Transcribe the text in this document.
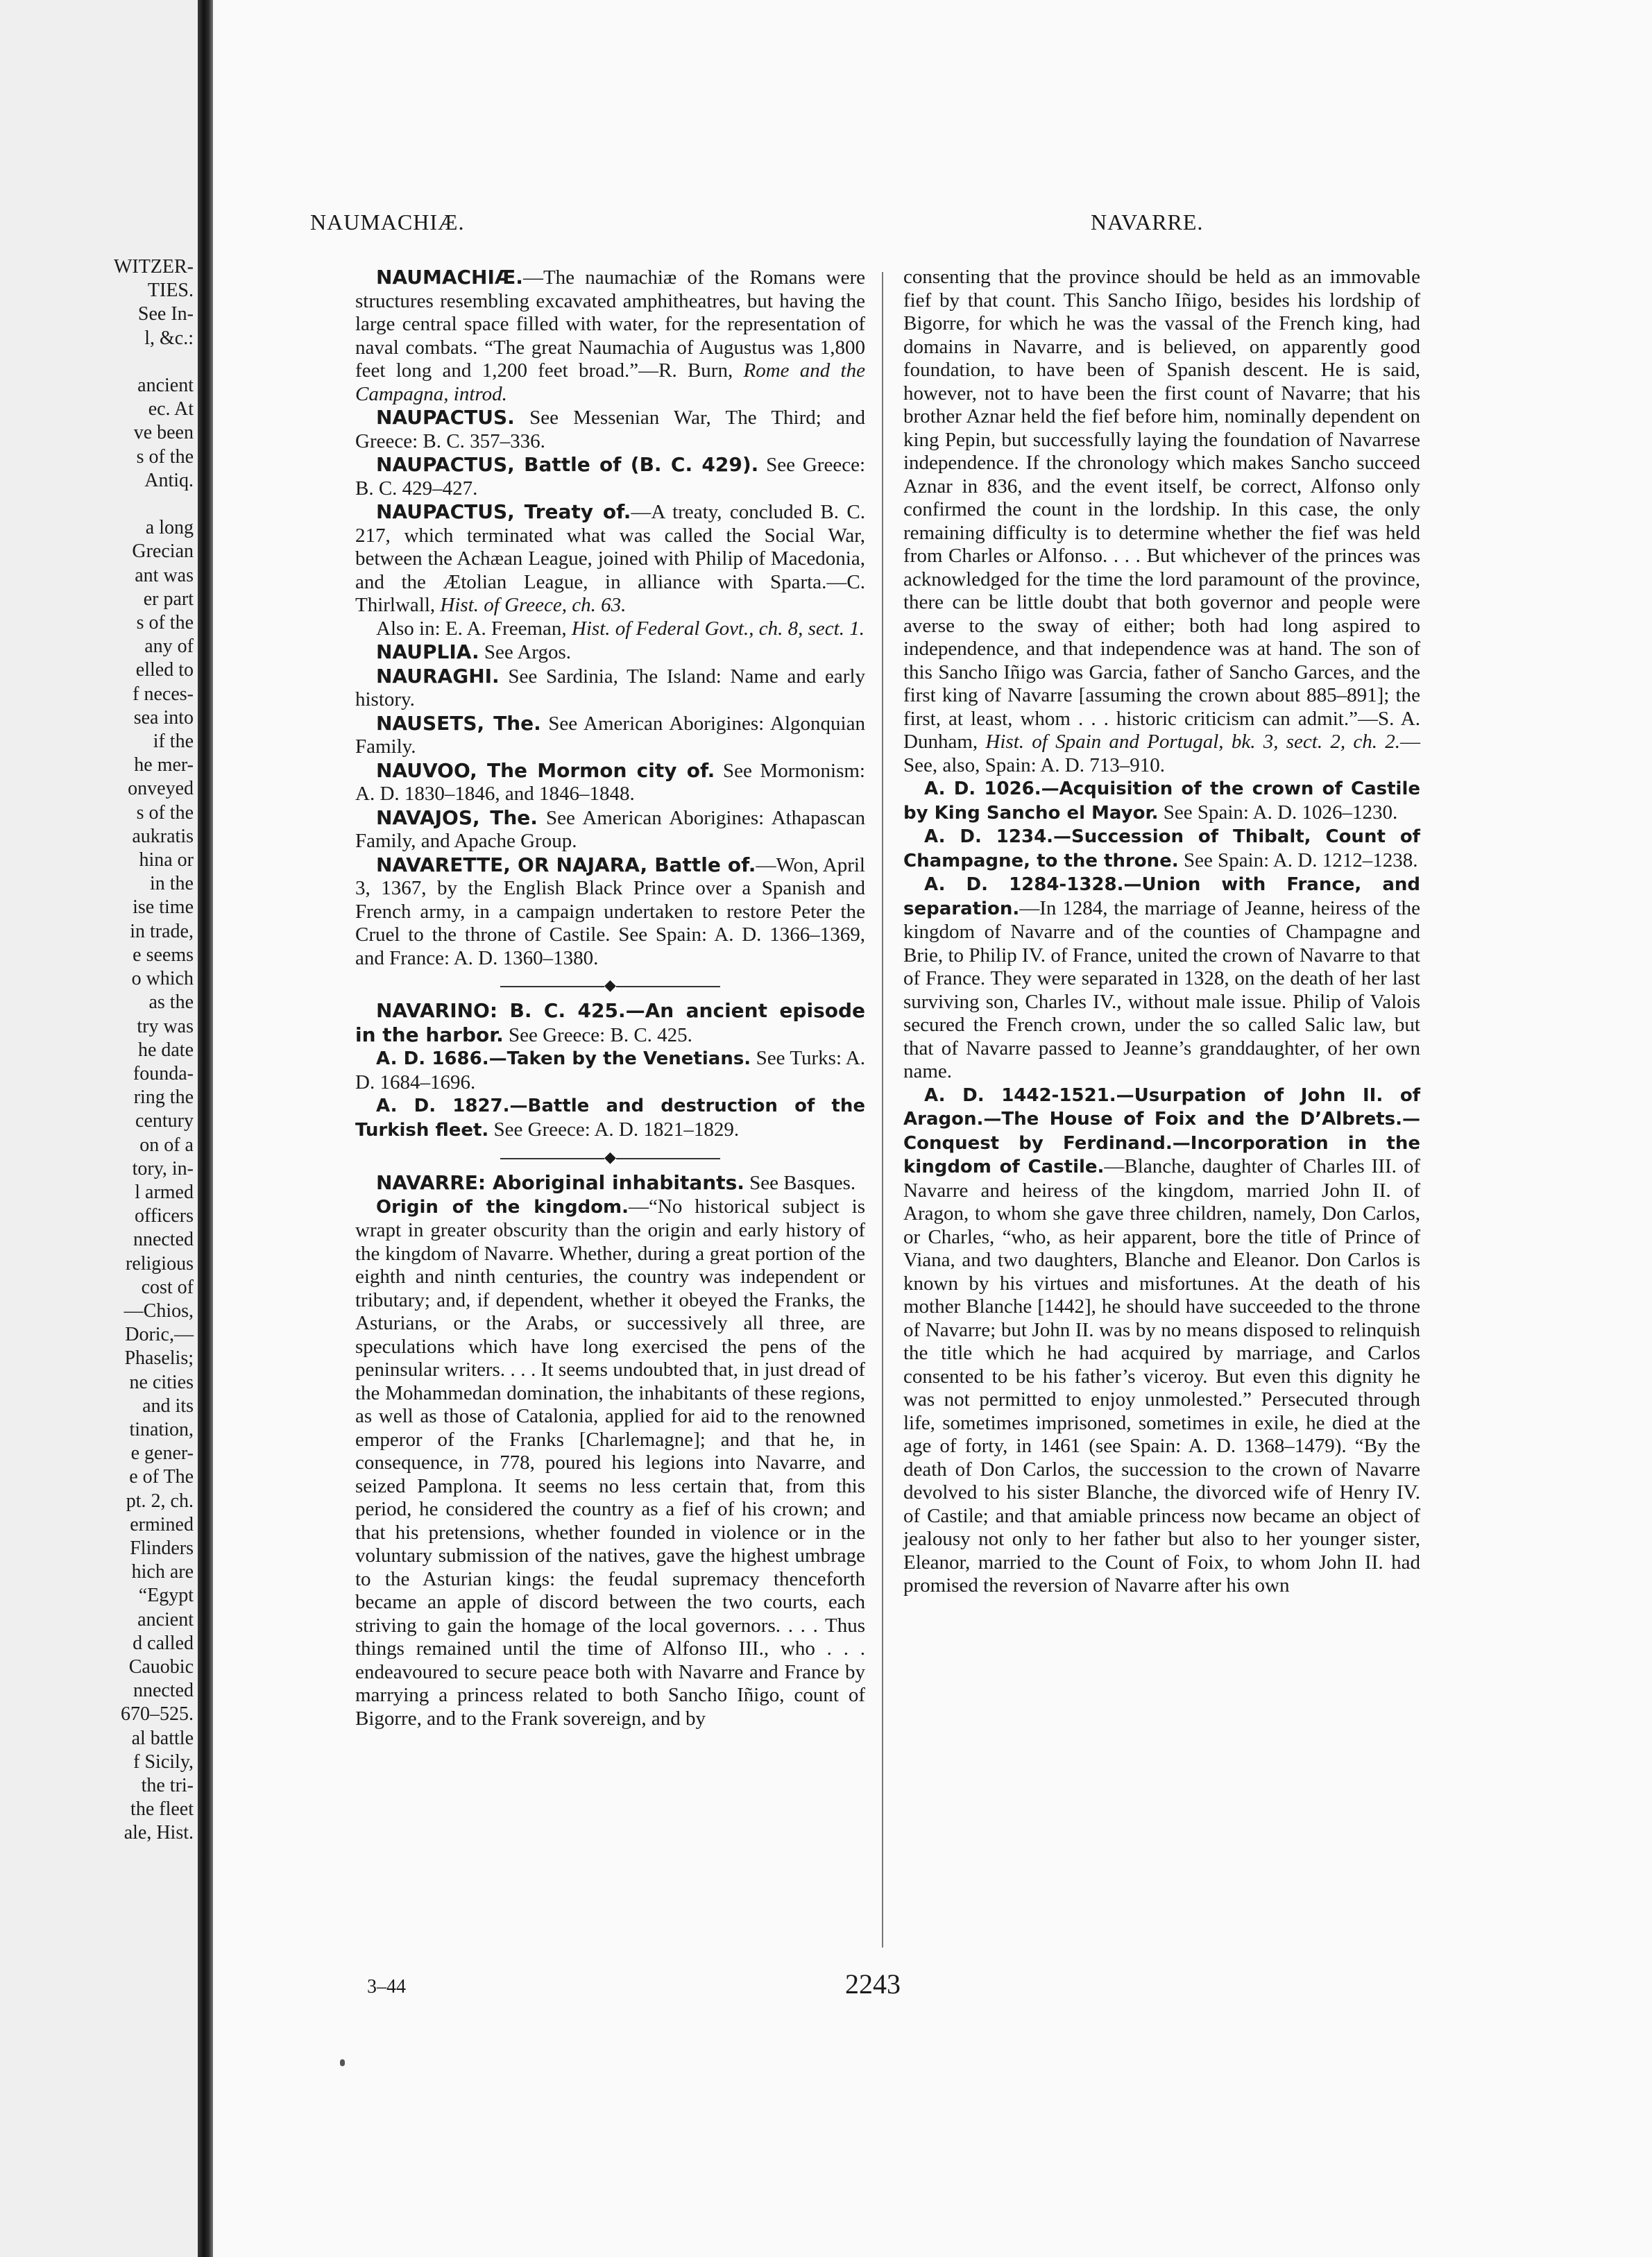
WITZER-
TIES.
See In-
l, &c.:

ancient
ec. At
ve been
s of the
Antiq.

a long
Grecian
ant was
er part
s of the
any of
elled to
f neces-
sea into
if the
he mer-
onveyed
s of the
aukratis
hina or
in the
ise time
in trade,
e seems
o which
as the
try was
he date
founda-
ring the
century
on of a
tory, in-
l armed
officers
nnected
religious
cost of
—Chios,
Doric,—
Phaselis;
ne cities
and its
tination,
e gener-
e of The
pt. 2, ch.
ermined
Flinders
hich are
“Egypt
ancient
d called
Cauobic
nnected
670–525.
al battle
f Sicily,
the tri-
the fleet
ale, Hist.
NAUMACHIÆ.	NAVARRE.

NAUMACHIÆ.—The naumachiæ of the Romans were structures resembling excavated amphitheatres, but having the large central space filled with water, for the representation of naval combats. “The great Naumachia of Augustus was 1,800 feet long and 1,200 feet broad.”—R. Burn, Rome and the Campagna, introd.

NAUPACTUS. See Messenian War, The Third; and Greece: B. C. 357–336.

NAUPACTUS, Battle of (B. C. 429). See Greece: B. C. 429–427.

NAUPACTUS, Treaty of.—A treaty, concluded B. C. 217, which terminated what was called the Social War, between the Achæan League, joined with Philip of Macedonia, and the Ætolian League, in alliance with Sparta.—C. Thirlwall, Hist. of Greece, ch. 63.

Also in: E. A. Freeman, Hist. of Federal Govt., ch. 8, sect. 1.

NAUPLIA. See Argos.

NAURAGHI. See Sardinia, The Island: Name and early history.

NAUSETS, The. See American Aborigines: Algonquian Family.

NAUVOO, The Mormon city of. See Mormonism: A. D. 1830–1846, and 1846–1848.

NAVAJOS, The. See American Aborigines: Athapascan Family, and Apache Group.

NAVARETTE, OR NAJARA, Battle of.—Won, April 3, 1367, by the English Black Prince over a Spanish and French army, in a campaign undertaken to restore Peter the Cruel to the throne of Castile. See Spain: A. D. 1366–1369, and France: A. D. 1360–1380.

◆

NAVARINO: B. C. 425.—An ancient episode in the harbor. See Greece: B. C. 425.

A. D. 1686.—Taken by the Venetians. See Turks: A. D. 1684–1696.

A. D. 1827.—Battle and destruction of the Turkish fleet. See Greece: A. D. 1821–1829.

◆

NAVARRE: Aboriginal inhabitants. See Basques.

Origin of the kingdom.—“No historical subject is wrapt in greater obscurity than the origin and early history of the kingdom of Navarre. Whether, during a great portion of the eighth and ninth centuries, the country was independent or tributary; and, if dependent, whether it obeyed the Franks, the Asturians, or the Arabs, or successively all three, are speculations which have long exercised the pens of the peninsular writers. . . . It seems undoubted that, in just dread of the Mohammedan domination, the inhabitants of these regions, as well as those of Catalonia, applied for aid to the renowned emperor of the Franks [Charlemagne]; and that he, in consequence, in 778, poured his legions into Navarre, and seized Pamplona. It seems no less certain that, from this period, he considered the country as a fief of his crown; and that his pretensions, whether founded in violence or in the voluntary submission of the natives, gave the highest umbrage to the Asturian kings: the feudal supremacy thenceforth became an apple of discord between the two courts, each striving to gain the homage of the local governors. . . . Thus things remained until the time of Alfonso III., who . . . endeavoured to secure peace both with Navarre and France by marrying a princess related to both Sancho Iñigo, count of Bigorre, and to the Frank sovereign, and by

consenting that the province should be held as an immovable fief by that count. This Sancho Iñigo, besides his lordship of Bigorre, for which he was the vassal of the French king, had domains in Navarre, and is believed, on apparently good foundation, to have been of Spanish descent. He is said, however, not to have been the first count of Navarre; that his brother Aznar held the fief before him, nominally dependent on king Pepin, but successfully laying the foundation of Navarrese independence. If the chronology which makes Sancho succeed Aznar in 836, and the event itself, be correct, Alfonso only confirmed the count in the lordship. In this case, the only remaining difficulty is to determine whether the fief was held from Charles or Alfonso. . . . But whichever of the princes was acknowledged for the time the lord paramount of the province, there can be little doubt that both governor and people were averse to the sway of either; both had long aspired to independence, and that independence was at hand. The son of this Sancho Iñigo was Garcia, father of Sancho Garces, and the first king of Navarre [assuming the crown about 885–891]; the first, at least, whom . . . historic criticism can admit.”—S. A. Dunham, Hist. of Spain and Portugal, bk. 3, sect. 2, ch. 2.—See, also, Spain: A. D. 713–910.

A. D. 1026.—Acquisition of the crown of Castile by King Sancho el Mayor. See Spain: A. D. 1026–1230.

A. D. 1234.—Succession of Thibalt, Count of Champagne, to the throne. See Spain: A. D. 1212–1238.

A. D. 1284-1328.—Union with France, and separation.—In 1284, the marriage of Jeanne, heiress of the kingdom of Navarre and of the counties of Champagne and Brie, to Philip IV. of France, united the crown of Navarre to that of France. They were separated in 1328, on the death of her last surviving son, Charles IV., without male issue. Philip of Valois secured the French crown, under the so called Salic law, but that of Navarre passed to Jeanne’s granddaughter, of her own name.

A. D. 1442-1521.—Usurpation of John II. of Aragon.—The House of Foix and the D’Albrets.—Conquest by Ferdinand.—Incorporation in the kingdom of Castile.—Blanche, daughter of Charles III. of Navarre and heiress of the kingdom, married John II. of Aragon, to whom she gave three children, namely, Don Carlos, or Charles, “who, as heir apparent, bore the title of Prince of Viana, and two daughters, Blanche and Eleanor. Don Carlos is known by his virtues and misfortunes. At the death of his mother Blanche [1442], he should have succeeded to the throne of Navarre; but John II. was by no means disposed to relinquish the title which he had acquired by marriage, and Carlos consented to be his father’s viceroy. But even this dignity he was not permitted to enjoy unmolested.” Persecuted through life, sometimes imprisoned, sometimes in exile, he died at the age of forty, in 1461 (see Spain: A. D. 1368–1479). “By the death of Don Carlos, the succession to the crown of Navarre devolved to his sister Blanche, the divorced wife of Henry IV. of Castile; and that amiable princess now became an object of jealousy not only to her father but also to her younger sister, Eleanor, married to the Count of Foix, to whom John II. had promised the reversion of Navarre after his own

3–44	2243
